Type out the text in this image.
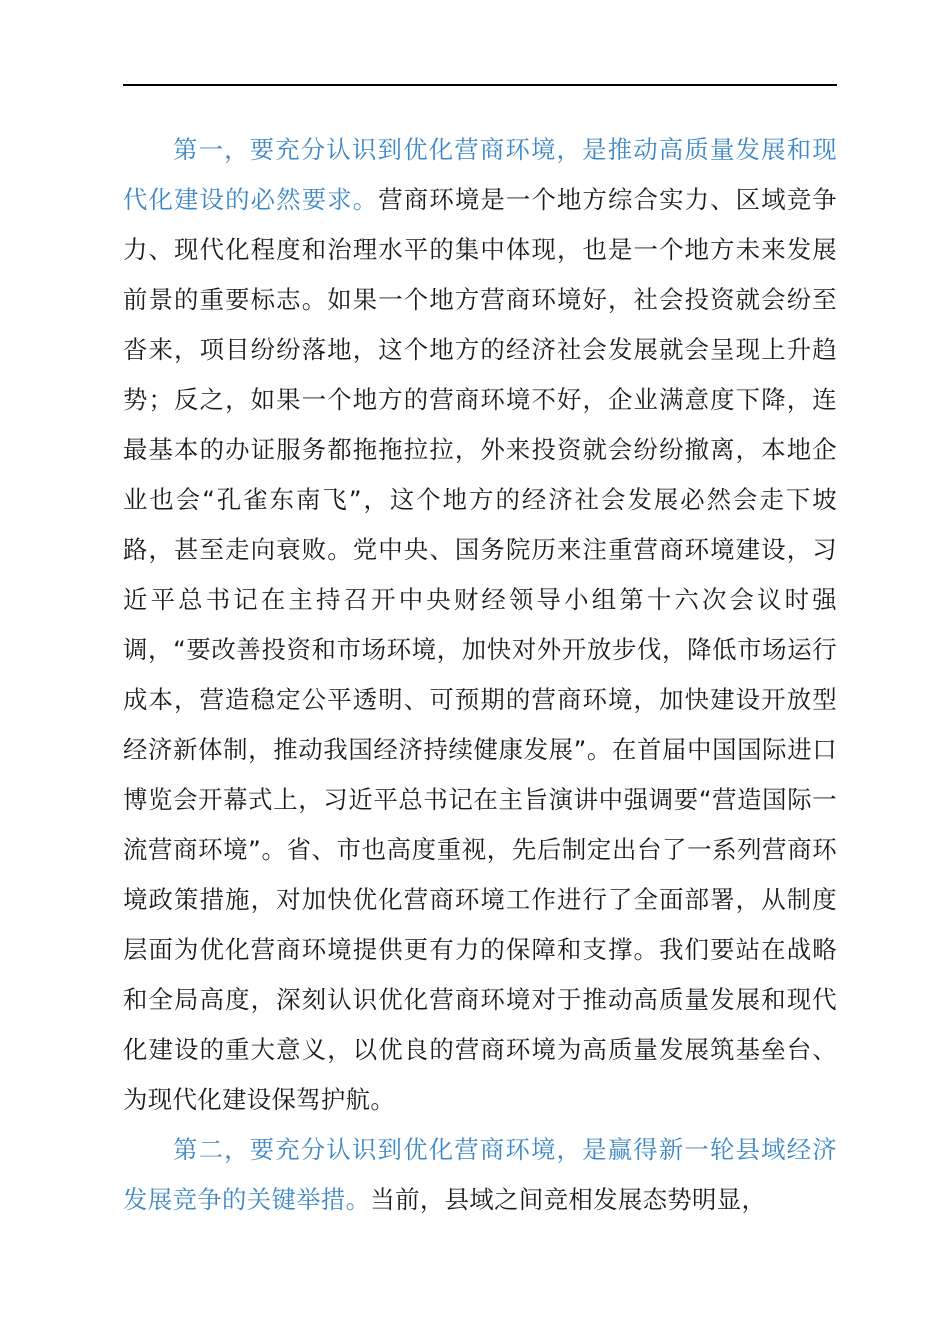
第一，要充分认识到优化营商环境，是推动高质量发展和现代化建设的必然要求。营商环境是一个地方综合实力、区域竞争力、现代化程度和治理水平的集中体现，也是一个地方未来发展前景的重要标志。如果一个地方营商环境好，社会投资就会纷至沓来，项目纷纷落地，这个地方的经济社会发展就会呈现上升趋势；反之，如果一个地方的营商环境不好，企业满意度下降，连最基本的办证服务都拖拖拉拉，外来投资就会纷纷撤离，本地企业也会“孔雀东南飞”，这个地方的经济社会发展必然会走下坡路，甚至走向衰败。党中央、国务院历来注重营商环境建设，习近平总书记在主持召开中央财经领导小组第十六次会议时强调，“要改善投资和市场环境，加快对外开放步伐，降低市场运行成本，营造稳定公平透明、可预期的营商环境，加快建设开放型经济新体制，推动我国经济持续健康发展”。在首届中国国际进口博览会开幕式上，习近平总书记在主旨演讲中强调要“营造国际一流营商环境”。省、市也高度重视，先后制定出台了一系列营商环境政策措施，对加快优化营商环境工作进行了全面部署，从制度层面为优化营商环境提供更有力的保障和支撑。我们要站在战略和全局高度，深刻认识优化营商环境对于推动高质量发展和现代化建设的重大意义，以优良的营商环境为高质量发展筑基垒台、为现代化建设保驾护航。

第二，要充分认识到优化营商环境，是赢得新一轮县域经济发展竞争的关键举措。当前，县域之间竞相发展态势明显，
